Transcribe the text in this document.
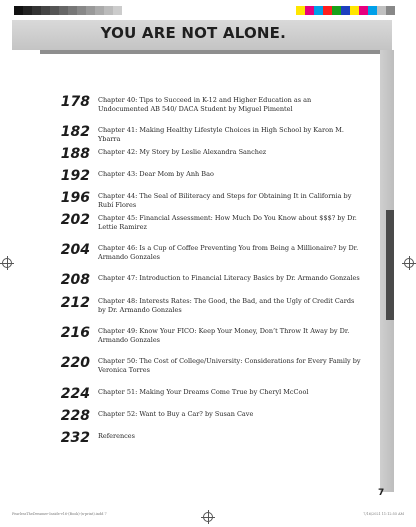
YOU ARE NOT ALONE.
178	Chapter 40: Tips to Succeed in K-12 and Higher Education as an Undocumented AB 540/ DACA Student by Miguel Pimentel
182	Chapter 41: Making Healthy Lifestyle Choices in High School by Karon M. Ybarra
188	Chapter 42: My Story by Leslie Alexandra Sanchez
192	Chapter 43: Dear Mom by Anh Bao
196	Chapter 44: The Seal of Biliteracy and Steps for Obtaining It in California by Rubí Flores
202	Chapter 45: Financial Assessment: How Much Do You Know about $$$? by Dr. Lettie Ramirez
204	Chapter 46: Is a Cup of Coffee Preventing You from Being a Millionaire? by Dr. Armando Gonzales
208	Chapter 47: Introduction to Financial Literacy Basics by Dr. Armando Gonzales
212	Chapter 48: Interests Rates: The Good, the Bad, and the Ugly of Credit Cards by Dr. Armando Gonzales
216	Chapter 49: Know Your FICO: Keep Your Money, Don’t Throw It Away by Dr. Armando Gonzales
220	Chapter 50: The Cost of College/University: Considerations for Every Family by Veronica Torres
224	Chapter 51: Making Your Dreams Come True by Cheryl McCool
228	Chapter 52: Want to Buy a Car? by Susan Cave
232	References
7
FearlessTheDreamer-Inside-v16-(Book)-(x-print).indd 7	7/16/2021 11:12:55 AM
